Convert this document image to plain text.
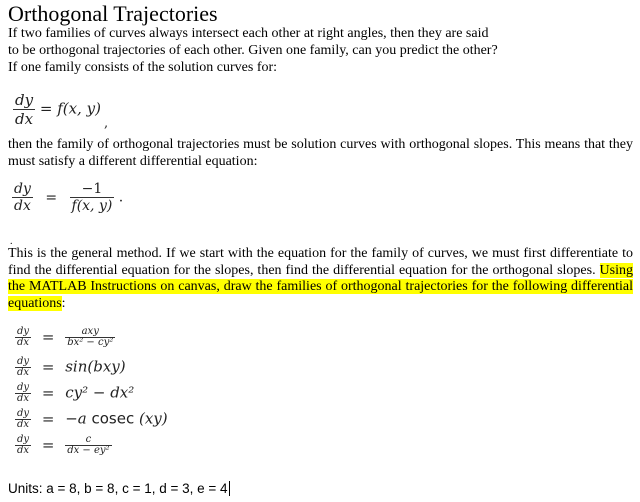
Orthogonal Trajectories
If two families of curves always intersect each other at right angles, then they are said
to be orthogonal trajectories of each other. Given one family, can you predict the other?
If one family consists of the solution curves for:
$\frac{dy}{dx} = f(x$, y)
,
then the family of orthogonal trajectories must be solution curves with orthogonal slopes. This means that they must satisfy a different differential equation:
$\frac{dy}{dx} = \frac{-1}{f(x, y)}$ .
.
This is the general method. If we start with the equation for the family of curves, we must first differentiate to find the differential equation for the slopes, then find the differential equation for the orthogonal slopes. Using the MATLAB Instructions on canvas, draw the families of orthogonal trajectories for the following differential equations:
$\frac{dy}{dx} = \frac{\text{axy}}{\text{bx² − cy²}}$
$\frac{dy}{dx} = \sin(bxy)$
$\frac{dy}{dx} = cy^2 - dx^2$
$\frac{dy}{dx} = -a$ cosec (xy)
$\frac{dy}{dx} = \frac{c}{\text{dx − ey²}}$
Units: a = 8, b = 8, c = 1, d = 3, e = 4
